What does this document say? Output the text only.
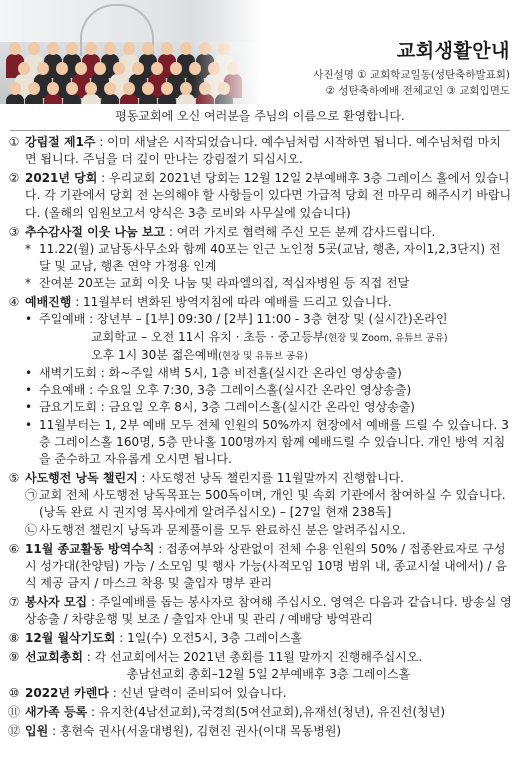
교회생활안내
사진설명 ① 교회학교일동(성탄축하발표회)
② 성탄축하예배 전체교인 ③ 교회입면도

평동교회에 오신 여러분을 주님의 이름으로 환영합니다.

① 강림절 제1주 : 이미 새날은 시작되었습니다. 예수님처럼 시작하면 됩니다. 예수님처럼 마치면 됩니다. 주님을 더 깊이 만나는 강림절기 되십시오.

② 2021년 당회 : 우리교회 2021년 당회는 12월 12일 2부예배후 3층 그레이스 홀에서 있습니다. 각 기관에서 당회 전 논의해야 할 사항들이 있다면 가급적 당회 전 마무리 해주시기 바랍니다. (올해의 임원보고서 양식은 3층 로비와 사무실에 있습니다)

③ 추수감사절 이웃 나눔 보고 : 여러 가지로 협력해 주신 모든 분께 감사드립니다.
* 11.22(월) 교남동사무소와 함께 40포는 인근 노인정 5곳(교남, 행촌, 자이1,2,3단지) 전달 및 교남, 행촌 연약 가정용 인계
* 잔여분 20포는 교회 이웃 나눔 및 라파엘의집, 적십자병원 등 직접 전달
④ 예배진행 : 11월부터 변화된 방역지침에 따라 예배를 드리고 있습니다.
• 주일예배 : 장년부 – [1부] 09:30 / [2부] 11:00 - 3층 현장 및 (실시간)온라인
교회학교 – 오전 11시 유치 · 초등 · 중고등부(현장 및 Zoom, 유튜브 공유)
오후 1시 30분 젊은예배(현장 및 유튜브 공유)
• 새벽기도회 : 화~주일 새벽 5시, 1층 비전홀(실시간 온라인 영상송출)
• 수요예배 : 수요일 오후 7:30, 3층 그레이스홀(실시간 온라인 영상송출)
• 금요기도회 : 금요일 오후 8시, 3층 그레이스홀(실시간 온라인 영상송출)
• 11월부터는 1, 2부 예배 모두 전체 인원의 50%까지 현장에서 예배를 드릴 수 있습니다. 3층 그레이스홀 160명, 5층 만나홀 100명까지 함께 예배드릴 수 있습니다. 개인 방역 지침을 준수하고 자유롭게 오시면 됩니다.
⑤ 사도행전 낭독 챌린지 : 사도행전 낭독 챌린지를 11월말까지 진행합니다.
㉠ 교회 전체 사도행전 낭독목표는 500독이며, 개인 및 속회 기관에서 참여하실 수 있습니다. (낭독 완료 시 권지영 목사에게 알려주십시오) – [27일 현재 238독]
㉡ 사도행전 챌린지 낭독과 문제풀이를 모두 완료하신 분은 알려주십시오.

⑥ 11월 종교활동 방역수칙 : 접종여부와 상관없이 전체 수용 인원의 50% / 접종완료자로 구성시 성가대(찬양팀) 가능 / 소모임 및 행사 가능(사적모임 10명 범위 내, 종교시설 내에서) / 음식 제공 금지 / 마스크 착용 및 출입자 명부 관리

⑦ 봉사자 모집 : 주일예배를 돕는 봉사자로 참여해 주십시오. 영역은 다음과 같습니다. 방송실 영상송출 / 차량운행 및 보조 / 출입자 안내 및 관리 / 예배당 방역관리

⑧ 12월 월삭기도회 : 1일(수) 오전5시, 3층 그레이스홀

⑨ 선교회총회 : 각 선교회에서는 2021년 총회를 11월 말까지 진행해주십시오.
총남선교회 총회–12월 5일 2부예배후 3층 그레이스홀

⑩ 2022년 카렌다 : 신년 달력이 준비되어 있습니다.

⑪ 새가족 등록 : 유지찬(4남선교회),국경희(5여선교회),유재선(청년), 유진선(청년)

⑫ 입원 : 홍현숙 권사(서울대병원), 김현진 권사(이대 목동병원)
